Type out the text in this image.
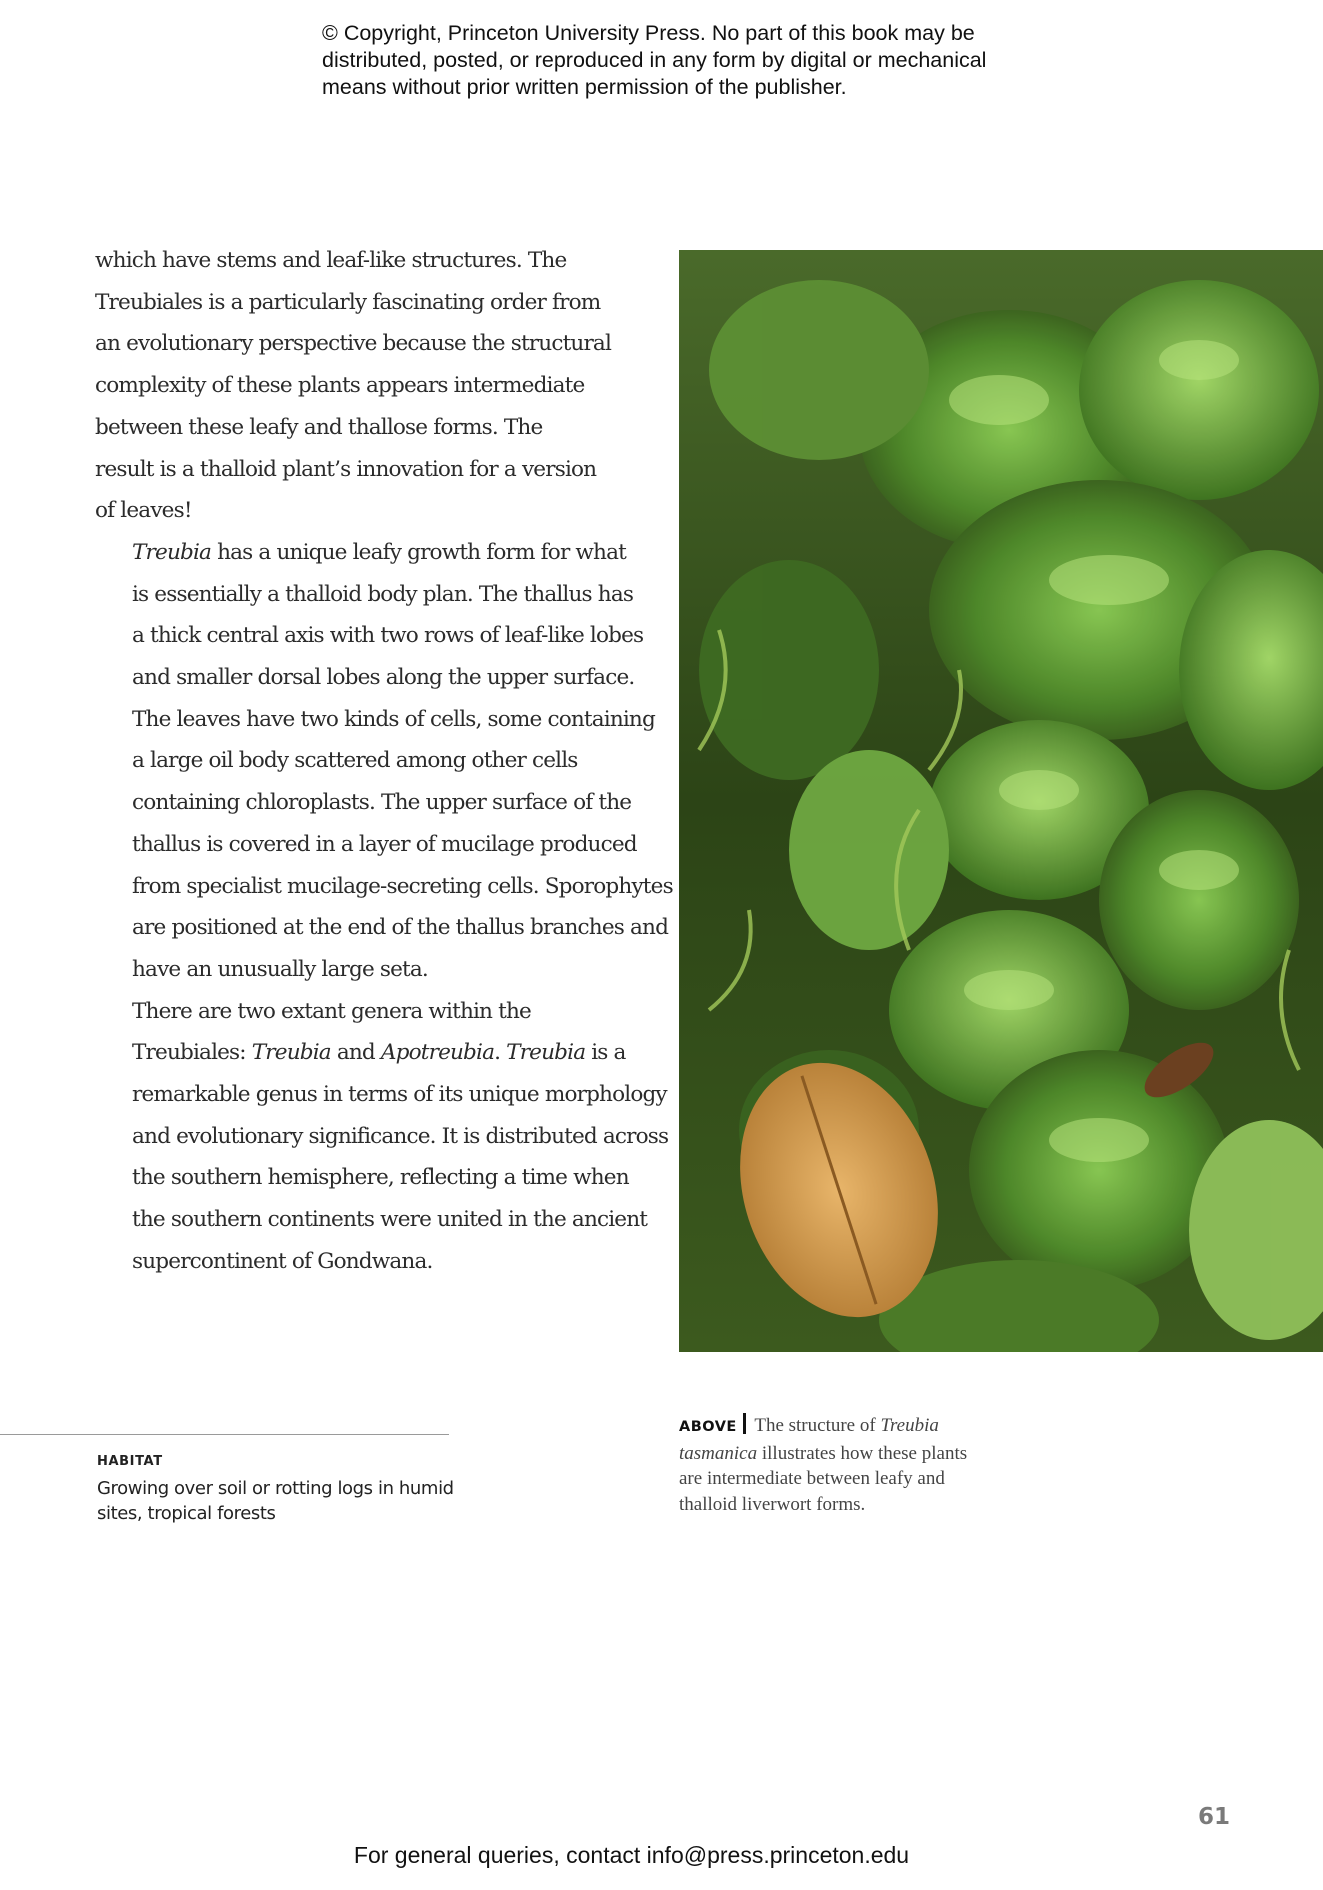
© Copyright, Princeton University Press. No part of this book may be
distributed, posted, or reproduced in any form by digital or mechanical
means without prior written permission of the publisher.

which have stems and leaf-like structures. The
Treubiales is a particularly fascinating order from
an evolutionary perspective because the structural
complexity of these plants appears intermediate
between these leafy and thallose forms. The
result is a thalloid plant’s innovation for a version
of leaves!

Treubia has a unique leafy growth form for what
is essentially a thalloid body plan. The thallus has
a thick central axis with two rows of leaf-like lobes
and smaller dorsal lobes along the upper surface.
The leaves have two kinds of cells, some containing
a large oil body scattered among other cells
containing chloroplasts. The upper surface of the
thallus is covered in a layer of mucilage produced
from specialist mucilage-secreting cells. Sporophytes
are positioned at the end of the thallus branches and
have an unusually large seta.

There are two extant genera within the
Treubiales: Treubia and Apotreubia. Treubia is a
remarkable genus in terms of its unique morphology
and evolutionary significance. It is distributed across
the southern hemisphere, reflecting a time when
the southern continents were united in the ancient
supercontinent of Gondwana.

HABITAT
Growing over soil or rotting logs in humid
sites, tropical forests
ABOVE The structure of Treubia
tasmanica illustrates how these plants
are intermediate between leafy and
thalloid liverwort forms.
61
For general queries, contact info@press.princeton.edu
